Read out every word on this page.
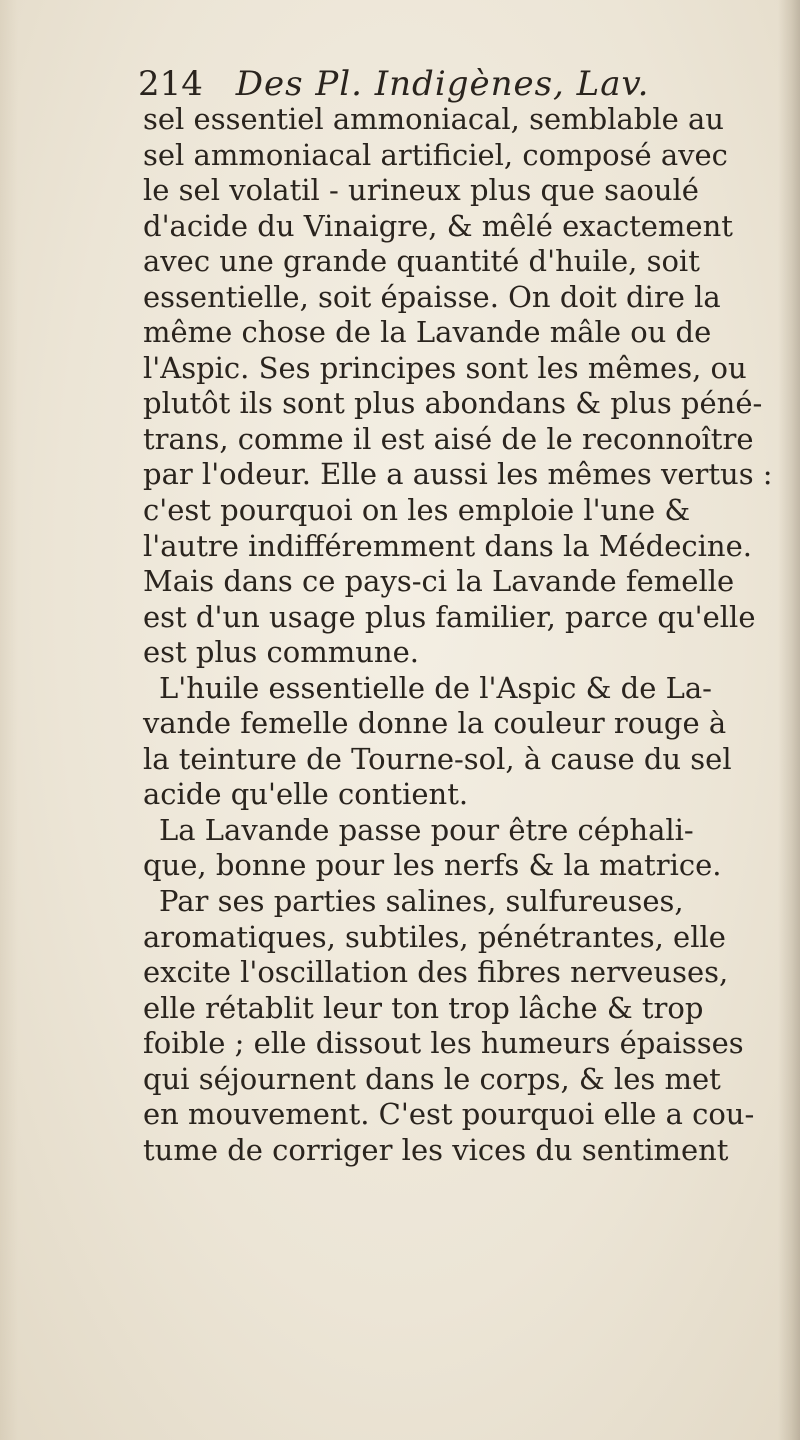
214 Des Pl. Indigènes, Lav.
sel essentiel ammoniacal, semblable au
sel ammoniacal artificiel, composé avec
le sel volatil - urineux plus que saoulé
d'acide du Vinaigre, & mêlé exactement
avec une grande quantité d'huile, soit
essentielle, soit épaisse. On doit dire la
même chose de la Lavande mâle ou de
l'Aspic. Ses principes sont les mêmes, ou
plutôt ils sont plus abondans & plus péné-
trans, comme il est aisé de le reconnoître
par l'odeur. Elle a aussi les mêmes vertus :
c'est pourquoi on les emploie l'une &
l'autre indifféremment dans la Médecine.
Mais dans ce pays-ci la Lavande femelle
est d'un usage plus familier, parce qu'elle
est plus commune.
L'huile essentielle de l'Aspic & de La-
vande femelle donne la couleur rouge à
la teinture de Tourne-sol, à cause du sel
acide qu'elle contient.
La Lavande passe pour être céphali-
que, bonne pour les nerfs & la matrice.
Par ses parties salines, sulfureuses,
aromatiques, subtiles, pénétrantes, elle
excite l'oscillation des fibres nerveuses,
elle rétablit leur ton trop lâche & trop
foible ; elle dissout les humeurs épaisses
qui séjournent dans le corps, & les met
en mouvement. C'est pourquoi elle a cou-
tume de corriger les vices du sentiment
